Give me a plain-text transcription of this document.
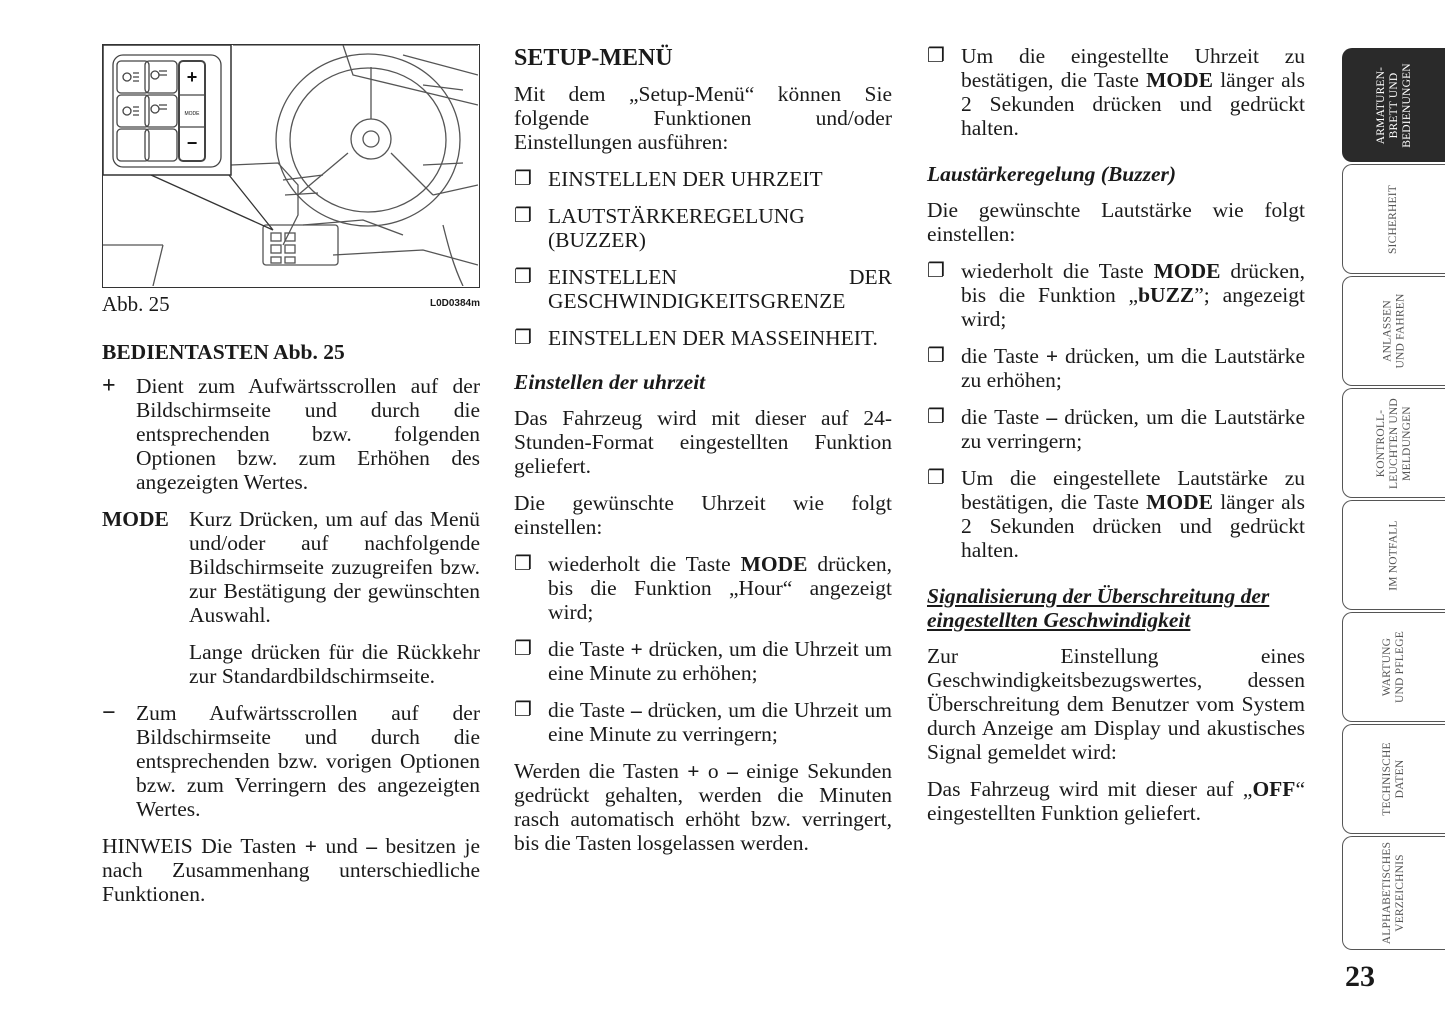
+
MODE
−
Abb. 25	L0D0384m
BEDIENTASTEN Abb. 25
+ Dient zum Aufwärtsscrollen auf der Bildschirmseite und durch die entsprechenden bzw. folgenden Optionen bzw. zum Erhöhen des angezeigten Wertes.
MODE Kurz Drücken, um auf das Menü und/oder auf nachfolgende Bildschirmseite zuzugreifen bzw. zur Bestätigung der gewünschten Auswahl.

Lange drücken für die Rückkehr zur Standardbildschirmseite.

− Zum Aufwärtsscrollen auf der Bildschirmseite und durch die entsprechenden bzw. vorigen Optionen bzw. zum Verringern des angezeigten Wertes.

HINWEIS Die Tasten + und – besitzen je nach Zusammenhang unterschiedliche Funktionen.

SETUP-MENÜ

Mit dem „Setup-Menü“ können Sie folgende Funktionen und/oder Einstellungen ausführen:

❐ EINSTELLEN DER UHRZEIT
❐ LAUTSTÄRKEREGELUNG (BUZZER)
❐ EINSTELLEN DER GESCHWINDIGKEITSGRENZE
❐ EINSTELLEN DER MASSEINHEIT.
Einstellen der uhrzeit

Das Fahrzeug wird mit dieser auf 24-Stunden-Format eingestellten Funktion geliefert.

Die gewünschte Uhrzeit wie folgt einstellen:

❐ wiederholt die Taste MODE drücken, bis die Funktion „Hour“ angezeigt wird;
❐ die Taste + drücken, um die Uhrzeit um eine Minute zu erhöhen;
❐ die Taste – drücken, um die Uhrzeit um eine Minute zu verringern;

Werden die Tasten + o – einige Sekunden gedrückt gehalten, werden die Minuten rasch automatisch erhöht bzw. verringert, bis die Tasten losgelassen werden.

❐ Um die eingestellte Uhrzeit zu bestätigen, die Taste MODE länger als 2 Sekunden drücken und gedrückt halten.
Laustärkeregelung (Buzzer)

Die gewünschte Lautstärke wie folgt einstellen:

❐ wiederholt die Taste MODE drücken, bis die Funktion „bUZZ”; angezeigt wird;
❐ die Taste + drücken, um die Lautstärke zu erhöhen;
❐ die Taste – drücken, um die Lautstärke zu verringern;
❐ Um die eingestellete Lautstärke zu bestätigen, die Taste MODE länger als 2 Sekunden drücken und gedrückt halten.
Signalisierung der Überschreitung der eingestellten Geschwindigkeit

Zur Einstellung eines Geschwindigkeitsbezugswertes, dessen Überschreitung dem Benutzer vom System durch Anzeige am Display und akustisches Signal gemeldet wird:

Das Fahrzeug wird mit dieser auf „OFF“ eingestellten Funktion geliefert.

ARMATUREN- BRETT UND BEDIENUNGEN
SICHERHEIT
ANLASSEN UND FAHREN
KONTROLL- LEUCHTEN UND MELDUNGEN
IM NOTFALL
WARTUNG UND PFLEGE
TECHNISCHE DATEN
ALPHABETISCHES VERZEICHNIS
23
